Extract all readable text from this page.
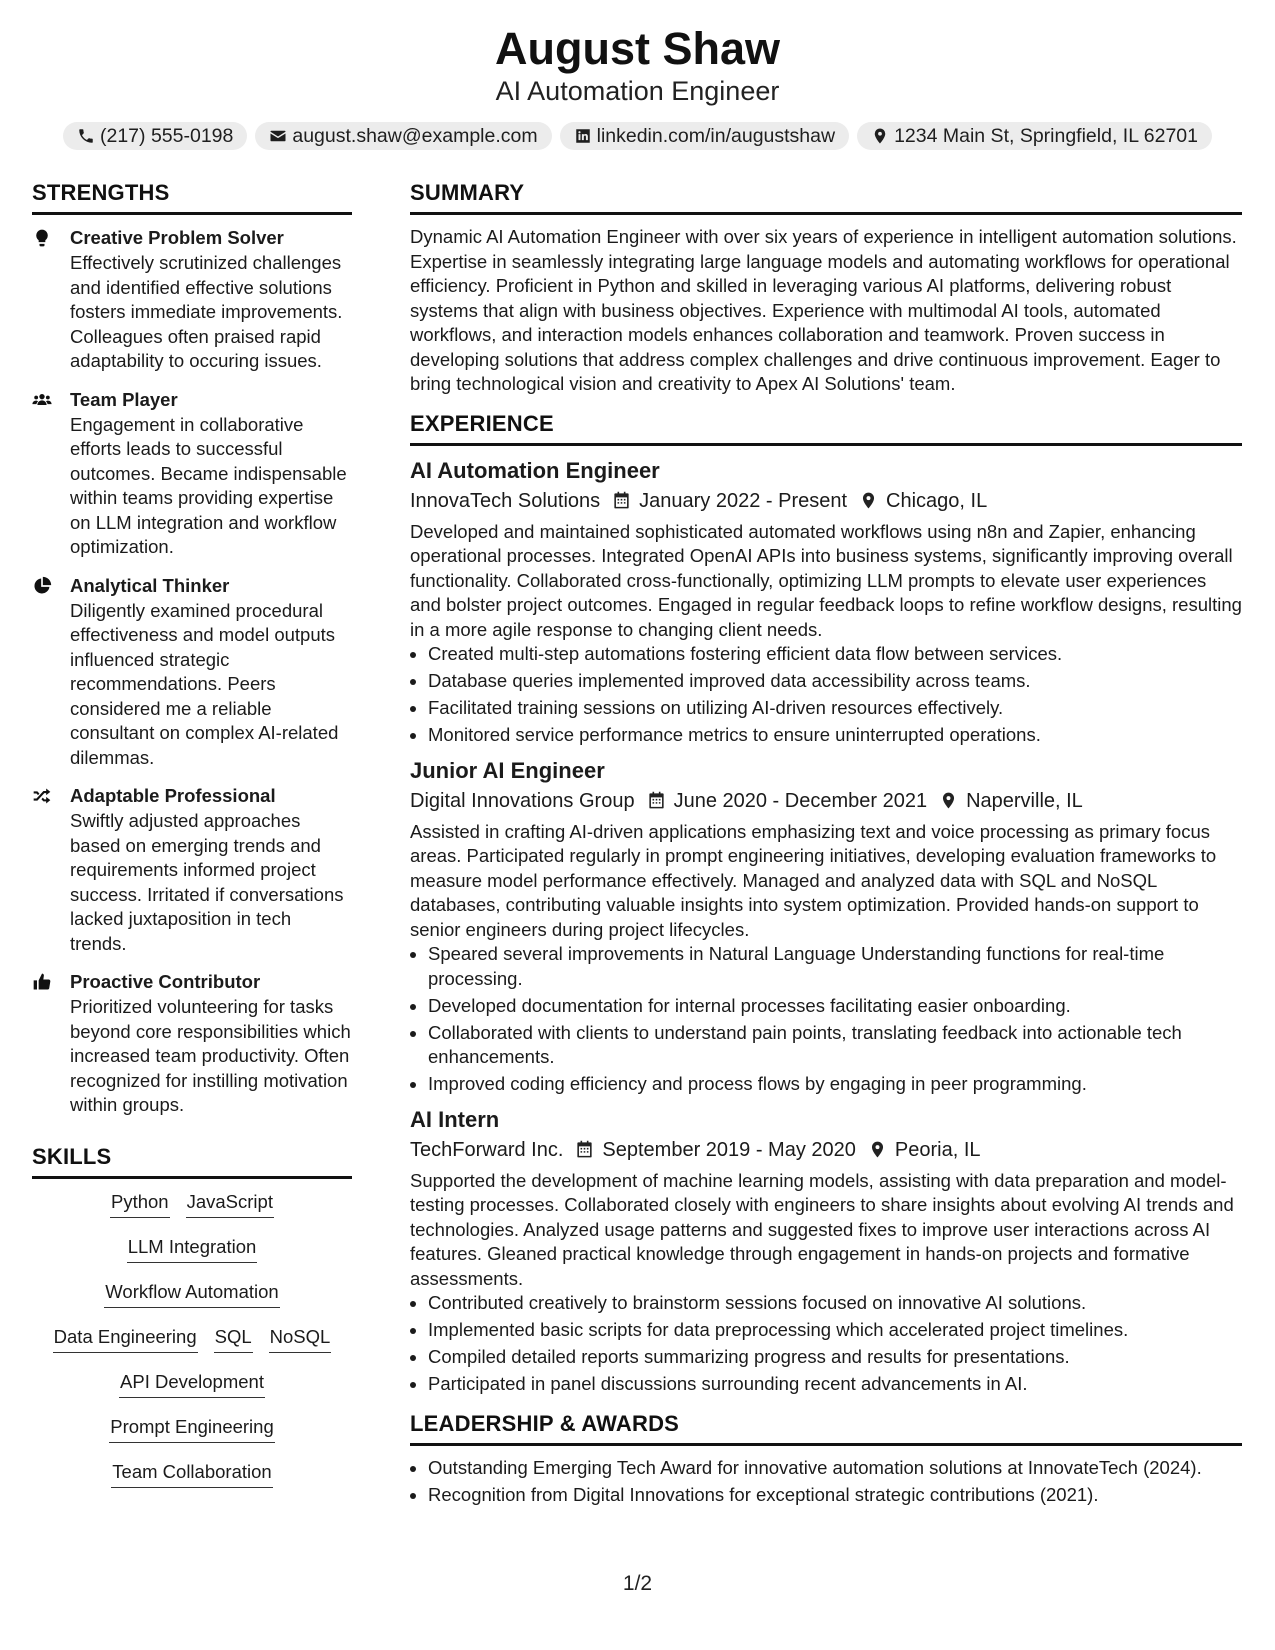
August Shaw
AI Automation Engineer
(217) 555-0198	august.shaw@example.com	linkedin.com/in/augustshaw	1234 Main St, Springfield, IL 62701
STRENGTHS
Creative Problem Solver
Effectively scrutinized challenges and identified effective solutions fosters immediate improvements. Colleagues often praised rapid adaptability to occuring issues.
Team Player
Engagement in collaborative efforts leads to successful outcomes. Became indispensable within teams providing expertise on LLM integration and workflow optimization.
Analytical Thinker
Diligently examined procedural effectiveness and model outputs influenced strategic recommendations. Peers considered me a reliable consultant on complex AI-related dilemmas.
Adaptable Professional
Swiftly adjusted approaches based on emerging trends and requirements informed project success. Irritated if conversations lacked juxtaposition in tech trends.
Proactive Contributor
Prioritized volunteering for tasks beyond core responsibilities which increased team productivity. Often recognized for instilling motivation within groups.
SKILLS
Python JavaScript
LLM Integration
Workflow Automation
Data Engineering SQL NoSQL
API Development
Prompt Engineering
Team Collaboration
SUMMARY
Dynamic AI Automation Engineer with over six years of experience in intelligent automation solutions. Expertise in seamlessly integrating large language models and automating workflows for operational efficiency. Proficient in Python and skilled in leveraging various AI platforms, delivering robust systems that align with business objectives. Experience with multimodal AI tools, automated workflows, and interaction models enhances collaboration and teamwork. Proven success in developing solutions that address complex challenges and drive continuous improvement. Eager to bring technological vision and creativity to Apex AI Solutions' team.
EXPERIENCE
AI Automation Engineer
InnovaTech Solutions January 2022 - Present Chicago, IL
Developed and maintained sophisticated automated workflows using n8n and Zapier, enhancing operational processes. Integrated OpenAI APIs into business systems, significantly improving overall functionality. Collaborated cross-functionally, optimizing LLM prompts to elevate user experiences and bolster project outcomes. Engaged in regular feedback loops to refine workflow designs, resulting in a more agile response to changing client needs.
• Created multi-step automations fostering efficient data flow between services.
• Database queries implemented improved data accessibility across teams.
• Facilitated training sessions on utilizing AI-driven resources effectively.
• Monitored service performance metrics to ensure uninterrupted operations.
Junior AI Engineer
Digital Innovations Group June 2020 - December 2021 Naperville, IL
Assisted in crafting AI-driven applications emphasizing text and voice processing as primary focus areas. Participated regularly in prompt engineering initiatives, developing evaluation frameworks to measure model performance effectively. Managed and analyzed data with SQL and NoSQL databases, contributing valuable insights into system optimization. Provided hands-on support to senior engineers during project lifecycles.
• Speared several improvements in Natural Language Understanding functions for real-time processing.
• Developed documentation for internal processes facilitating easier onboarding.
• Collaborated with clients to understand pain points, translating feedback into actionable tech enhancements.
• Improved coding efficiency and process flows by engaging in peer programming.
AI Intern
TechForward Inc. September 2019 - May 2020 Peoria, IL
Supported the development of machine learning models, assisting with data preparation and model-testing processes. Collaborated closely with engineers to share insights about evolving AI trends and technologies. Analyzed usage patterns and suggested fixes to improve user interactions across AI features. Gleaned practical knowledge through engagement in hands-on projects and formative assessments.
• Contributed creatively to brainstorm sessions focused on innovative AI solutions.
• Implemented basic scripts for data preprocessing which accelerated project timelines.
• Compiled detailed reports summarizing progress and results for presentations.
• Participated in panel discussions surrounding recent advancements in AI.
LEADERSHIP & AWARDS
• Outstanding Emerging Tech Award for innovative automation solutions at InnovateTech (2024).
• Recognition from Digital Innovations for exceptional strategic contributions (2021).
1/2
